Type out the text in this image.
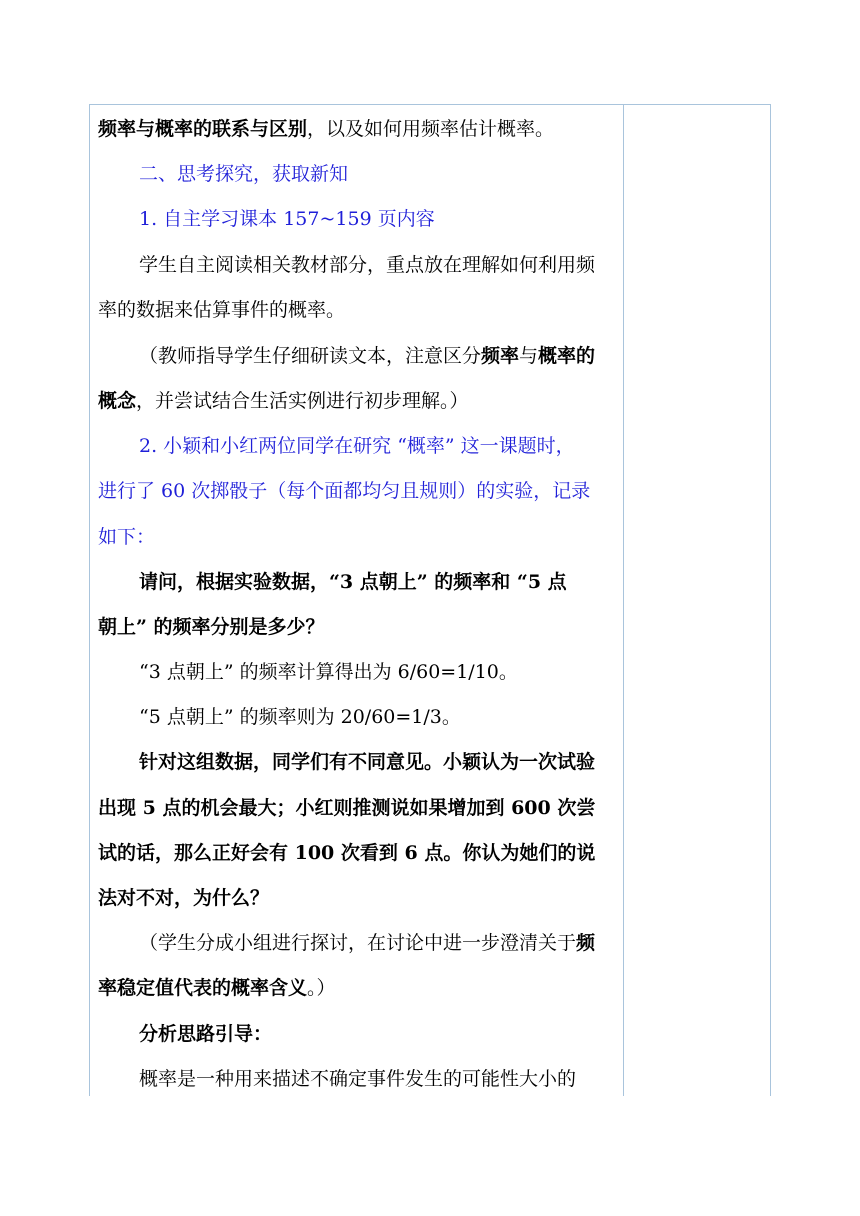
频率与概率的联系与区别，以及如何用频率估计概率。
二、思考探究，获取新知
1. 自主学习课本 157~159 页内容
学生自主阅读相关教材部分，重点放在理解如何利用频
率的数据来估算事件的概率。
（教师指导学生仔细研读文本，注意区分频率与概率的
概念，并尝试结合生活实例进行初步理解。）
2. 小颖和小红两位同学在研究 “概率” 这一课题时，
进行了 60 次掷骰子（每个面都均匀且规则）的实验，记录
如下：
请问，根据实验数据，“3 点朝上” 的频率和 “5 点
朝上” 的频率分别是多少？
“3 点朝上” 的频率计算得出为 6/60=1/10。
“5 点朝上” 的频率则为 20/60=1/3。
针对这组数据，同学们有不同意见。小颖认为一次试验
出现 5 点的机会最大；小红则推测说如果增加到 600 次尝
试的话，那么正好会有 100 次看到 6 点。你认为她们的说
法对不对，为什么？
（学生分成小组进行探讨，在讨论中进一步澄清关于频
率稳定值代表的概率含义。）
分析思路引导：
概率是一种用来描述不确定事件发生的可能性大小的
